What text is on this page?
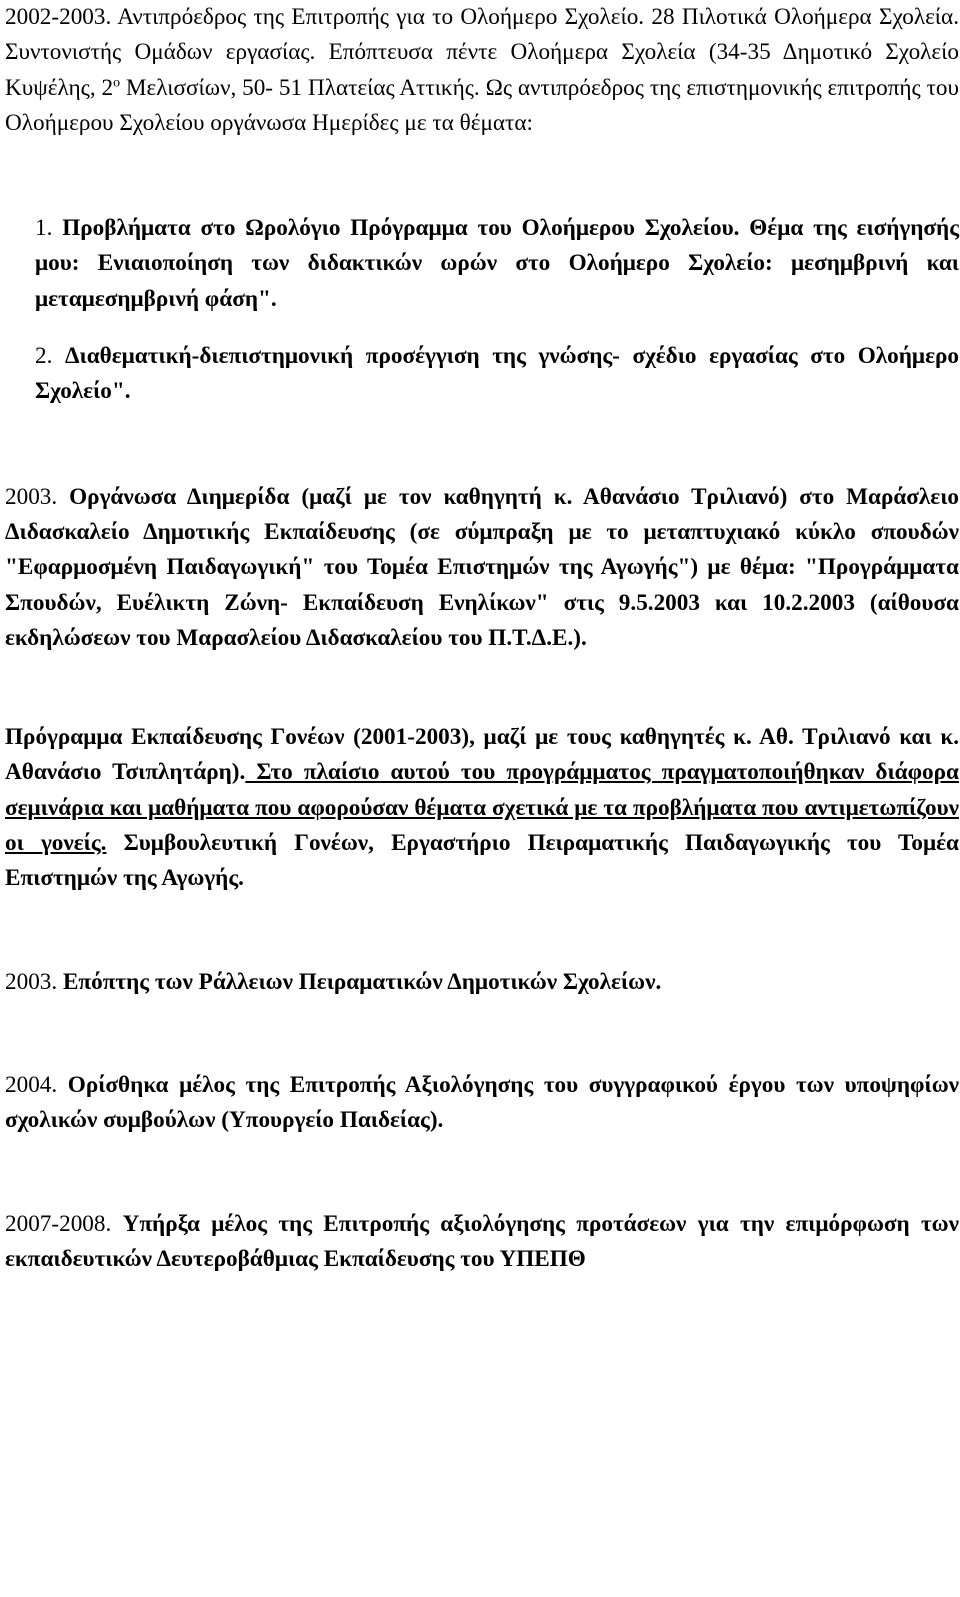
2002-2003. Αντιπρόεδρος της Επιτροπής για το Ολοήμερο Σχολείο. 28 Πιλοτικά Ολοήμερα Σχολεία. Συντονιστής Ομάδων εργασίας. Επόπτευσα πέντε Ολοήμερα Σχολεία (34-35 Δημοτικό Σχολείο Κυψέλης, $2^o$ Μελισσίων, 50- 51 Πλατείας Αττικής. Ως αντιπρόεδρος της επιστημονικής επιτροπής του Ολοήμερου Σχολείου οργάνωσα Ημερίδες με τα θέματα:

1. Προβλήματα στο Ωρολόγιο Πρόγραμμα του Ολοήμερου Σχολείου. Θέμα της εισήγησής μου: Ενιαιοποίηση των διδακτικών ωρών στο Ολοήμερο Σχολείο: μεσημβρινή και μεταμεσημβρινή φάση".

2. Διαθεματική-διεπιστημονική προσέγγιση της γνώσης- σχέδιο εργασίας στο Ολοήμερο Σχολείο".

2003. Οργάνωσα Διημερίδα (μαζί με τον καθηγητή κ. Αθανάσιο Τριλιανό) στο Μαράσλειο Διδασκαλείο Δημοτικής Εκπαίδευσης (σε σύμπραξη με το μεταπτυχιακό κύκλο σπουδών "Εφαρμοσμένη Παιδαγωγική" του Τομέα Επιστημών της Αγωγής") με θέμα: "Προγράμματα Σπουδών, Ευέλικτη Ζώνη- Εκπαίδευση Ενηλίκων" στις 9.5.2003 και 10.2.2003 (αίθουσα εκδηλώσεων του Μαρασλείου Διδασκαλείου του Π.Τ.Δ.Ε.).

Πρόγραμμα Εκπαίδευσης Γονέων (2001-2003), μαζί με τους καθηγητές κ. Αθ. Τριλιανό και κ. Αθανάσιο Τσιπλητάρη). Στο πλαίσιο αυτού του προγράμματος πραγματοποιήθηκαν διάφορα σεμινάρια και μαθήματα που αφορούσαν θέματα σχετικά με τα προβλήματα που αντιμετωπίζουν οι γονείς. Συμβουλευτική Γονέων, Εργαστήριο Πειραματικής Παιδαγωγικής του Τομέα Επιστημών της Αγωγής.

2003. Επόπτης των Ράλλειων Πειραματικών Δημοτικών Σχολείων.

2004. Ορίσθηκα μέλος της Επιτροπής Αξιολόγησης του συγγραφικού έργου των υποψηφίων σχολικών συμβούλων (Υπουργείο Παιδείας).

2007-2008. Υπήρξα μέλος της Επιτροπής αξιολόγησης προτάσεων για την επιμόρφωση των εκπαιδευτικών Δευτεροβάθμιας Εκπαίδευσης του ΥΠΕΠΘ
